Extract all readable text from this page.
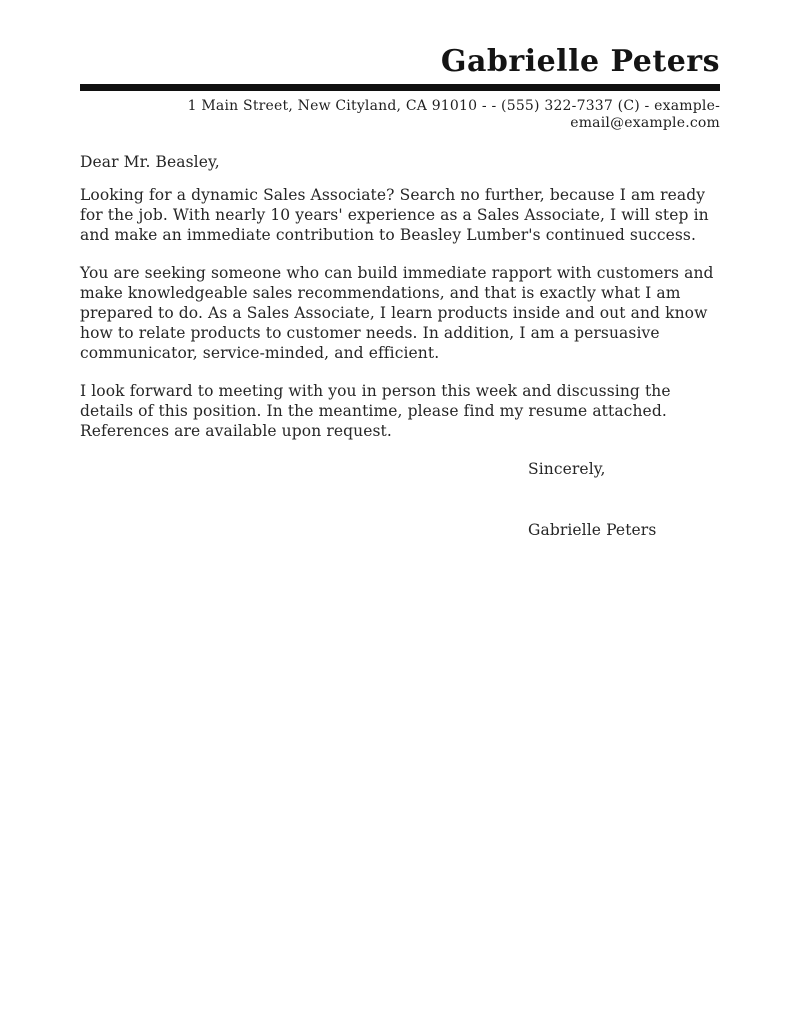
Gabrielle Peters
1 Main Street, New Cityland, CA 91010 - - (555) 322-7337 (C) - example-email@example.com

Dear Mr. Beasley,

Looking for a dynamic Sales Associate? Search no further, because I am ready for the job. With nearly 10 years' experience as a Sales Associate, I will step in and make an immediate contribution to Beasley Lumber's continued success.

You are seeking someone who can build immediate rapport with customers and make knowledgeable sales recommendations, and that is exactly what I am prepared to do. As a Sales Associate, I learn products inside and out and know how to relate products to customer needs. In addition, I am a persuasive communicator, service-minded, and efficient.

I look forward to meeting with you in person this week and discussing the details of this position. In the meantime, please find my resume attached. References are available upon request.

Sincerely,

Gabrielle Peters
